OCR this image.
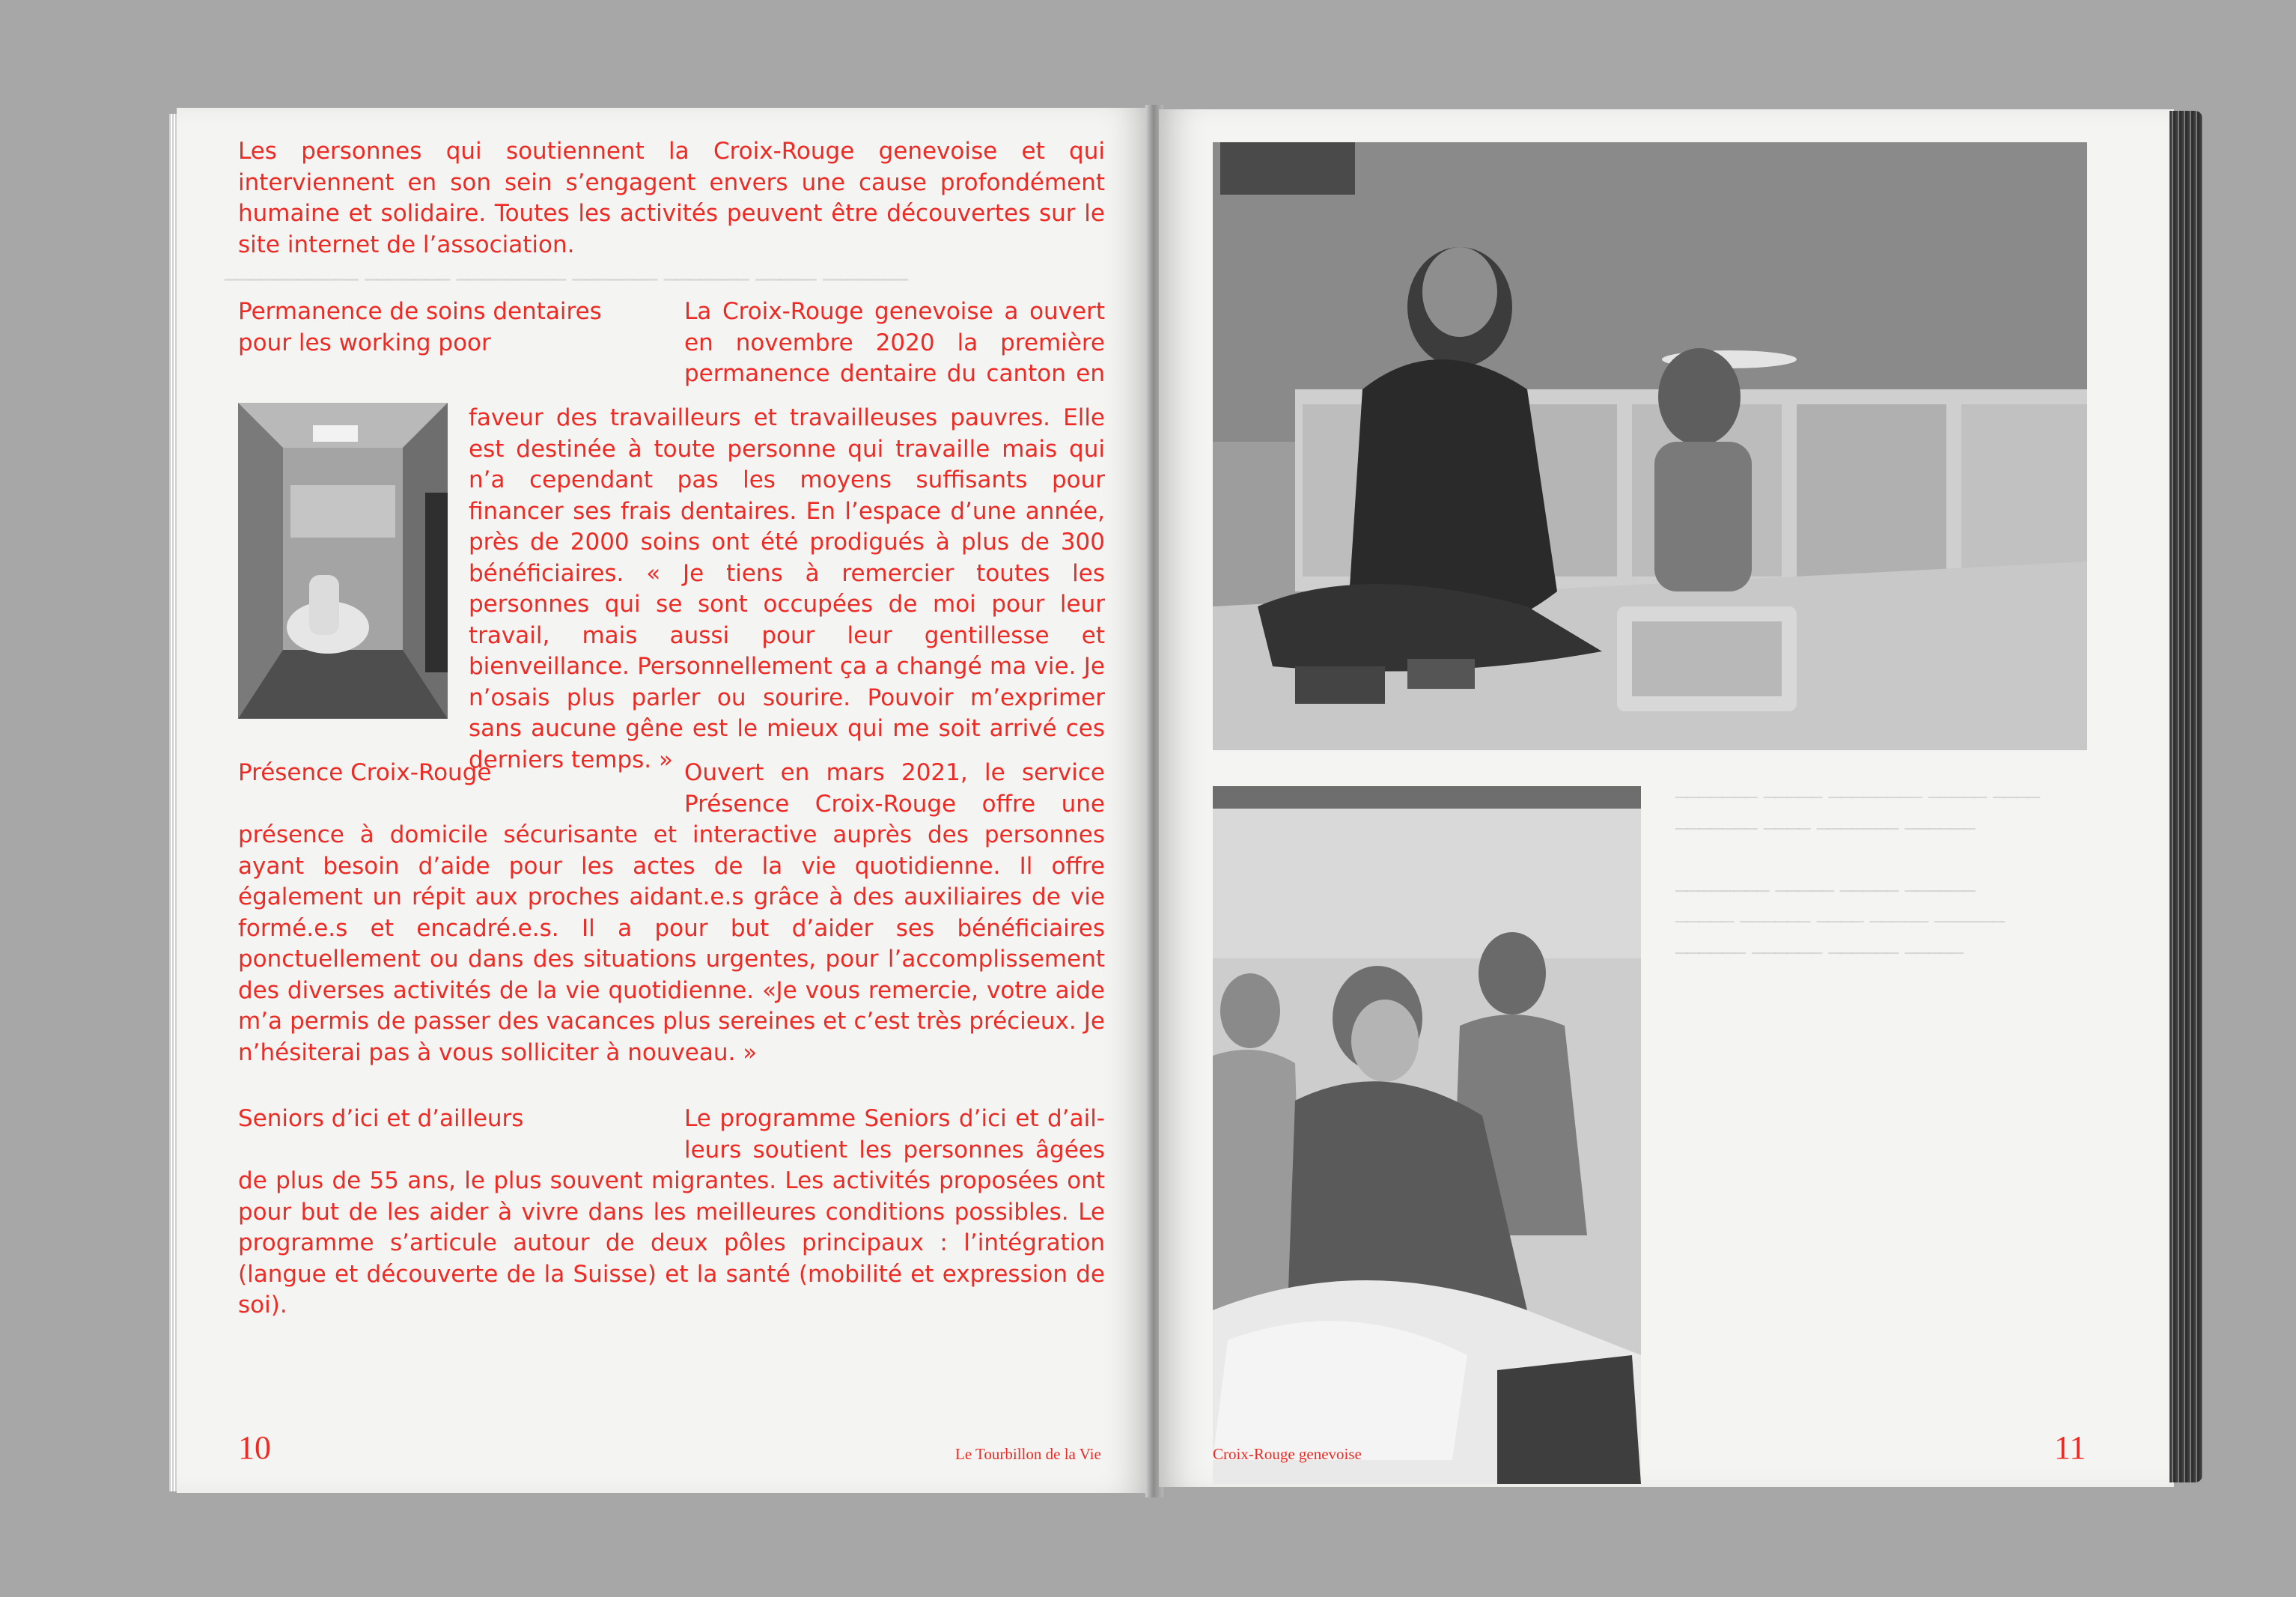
─────────── ─────── ───────── ─────── ─────── ───── ───────

Les personnes qui soutiennent la Croix-Rouge genevoise et qui interviennent en son sein s’engagent envers une cause profondément humaine et solidaire. Toutes les activités peuvent être découvertes sur le site internet de l’association.

Permanence de soins dentaires
pour les working poor
La Croix-Rouge genevoise a ouvert
en novembre 2020 la première
permanence dentaire du canton en

faveur des travailleurs et travailleuses pauvres. Elle est destinée à toute personne qui travaille mais qui n’a cependant pas les moyens suffisants pour financer ses frais dentaires. En l’espace d’une année, près de 2000 soins ont été prodigués à plus de 300 bénéficiaires. « Je tiens à remercier toutes les personnes qui se sont occupées de moi pour leur travail, mais aussi pour leur gentillesse et bienveillance. Personnellement ça a changé ma vie. Je n’osais plus parler ou sourire. Pouvoir m’exprimer sans aucune gêne est le mieux qui me soit arrivé ces derniers temps. »

Présence Croix-Rouge	Ouvert en mars 2021, le service
Présence Croix-Rouge offre une

présence à domicile sécurisante et interactive auprès des personnes ayant besoin d’aide pour les actes de la vie quotidienne. Il offre également un répit aux proches aidant.e.s grâce à des auxiliaires de vie formé.e.s et encadré.e.s. Il a pour but d’aider ses bénéficiaires ponctuellement ou dans des situations urgentes, pour l’accomplissement des diverses activités de la vie quotidienne. «Je vous remercie, votre aide m’a permis de passer des vacances plus sereines et c’est très précieux. Je n’hésiterai pas à vous solliciter à nouveau. »

Seniors d’ici et d’ailleurs	Le programme Seniors d’ici et d’ail-
leurs soutient les personnes âgées

de plus de 55 ans, le plus souvent migrantes. Les activités proposées ont pour but de les aider à vivre dans les meilleures conditions possibles. Le programme s’articule autour de deux pôles principaux : l’intégration (langue et découverte de la Suisse) et la santé (mobilité et expression de soi).

10	Le Tourbillon de la Vie
─────── ───── ──────── ───── ────
─────── ──── ─────── ──────

──────── ───── ───── ──────
───── ────── ──── ───── ──────
────── ────── ────── ─────
Croix-Rouge genevoise	11
